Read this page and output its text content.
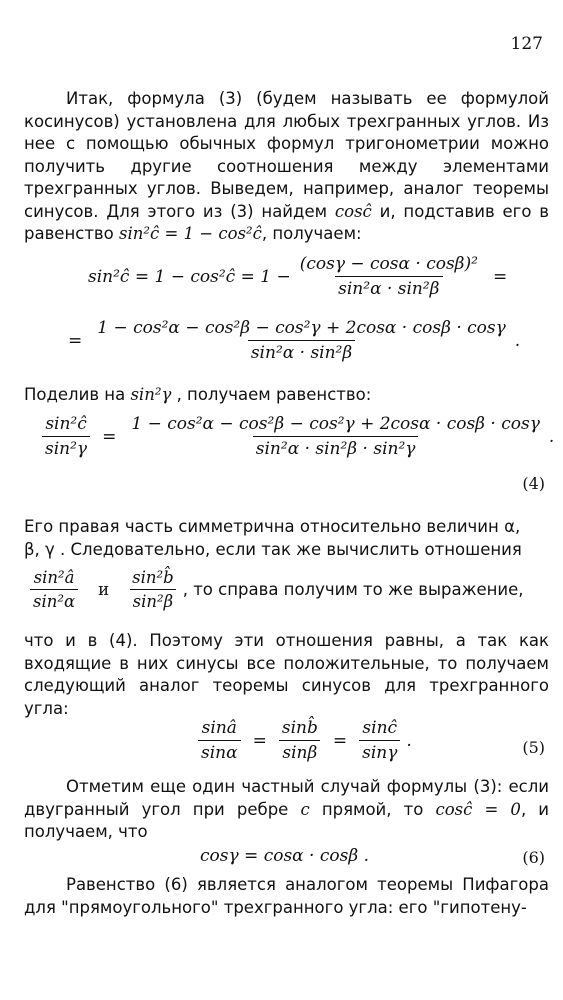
127
Итак, формула (3) (будем называть ее формулой косинусов) установлена для любых трехгранных углов. Из нее с помощью обычных формул тригонометрии можно получить другие соотношения между элементами трехгранных углов. Выведем, например, аналог теоремы синусов. Для этого из (3) найдем cosĉ и, подставив его в равенство sin²ĉ = 1 − cos²ĉ, получаем:
sin²ĉ = 1 − cos²ĉ = $1 - \frac{\text{(cosγ − cosα · cosβ)²}}{\text{sin²α · sin²β}}$ =
= $\frac{\text{1 − cos²α − cos²β − cos²γ + 2cosα · cosβ · cosγ}}{\text{sin²α · sin²β}}$ .
Поделив на sin²γ , получаем равенство:
$\frac{\text{sin²ĉ}}{\text{sin²γ}} = \frac{\text{1 − cos²α − cos²β − cos²γ + 2cosα · cosβ · cosγ}}{\text{sin²α · sin²β · sin²γ}}$ .
(4)
Его правая часть симметрична относительно величин α,
β, γ . Следовательно, если так же вычислить отношения
$\frac{\text{sin²â}}{\text{sin²α}}$ и $\frac{\text{sin²b̂}}{\text{sin²β}}$ , то справа получим то же выражение,
что и в (4). Поэтому эти отношения равны, а так как входящие в них синусы все положительные, то получаем следующий аналог теоремы синусов для трехгранного угла:
$\frac{\sin â}{\sin\alpha} = \frac{\sin b̂}{\sin\beta} = \frac{\sin ĉ}{\sin\gamma}$ .	(5)
Отметим еще один частный случай формулы (3): если двугранный угол при ребре c прямой, то cosĉ = 0, и получаем, что
cosγ = cosα · cosβ .	(6)
Равенство (6) является аналогом теоремы Пифагора для "прямоугольного" трехгранного угла: его "гипотену-
